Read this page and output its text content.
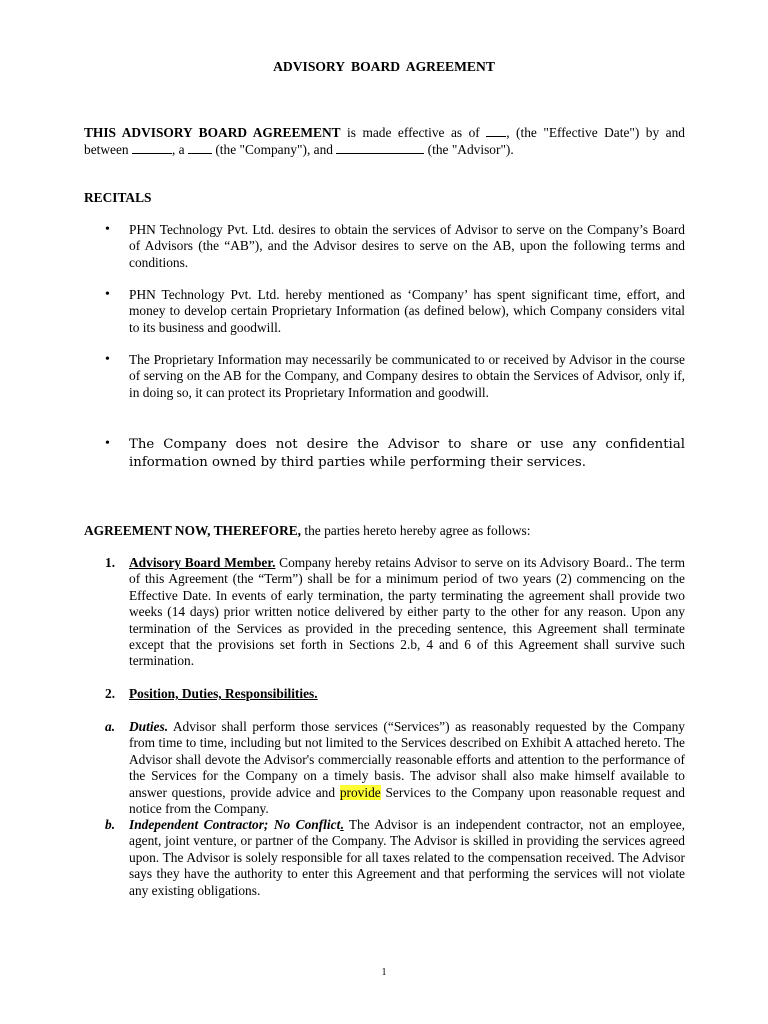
ADVISORY BOARD AGREEMENT
THIS ADVISORY BOARD AGREEMENT is made effective as of , (the "Effective Date") by and between	, a  (the "Company"), and	(the "Advisor").
RECITALS
• PHN Technology Pvt. Ltd. desires to obtain the services of Advisor to serve on the Company’s Board of Advisors (the “AB”), and the Advisor desires to serve on the AB, upon the following terms and conditions.
• PHN Technology Pvt. Ltd. hereby mentioned as ‘Company’ has spent significant time, effort, and money to develop certain Proprietary Information (as defined below), which Company considers vital to its business and goodwill.
• The Proprietary Information may necessarily be communicated to or received by Advisor in the course of serving on the AB for the Company, and Company desires to obtain the Services of Advisor, only if, in doing so, it can protect its Proprietary Information and goodwill.
• The Company does not desire the Advisor to share or use any confidential information owned by third parties while performing their services.
AGREEMENT NOW, THEREFORE, the parties hereto hereby agree as follows:
1. Advisory Board Member. Company hereby retains Advisor to serve on its Advisory Board.. The term of this Agreement (the “Term”) shall be for a minimum period of two years (2) commencing on the Effective Date. In events of early termination, the party terminating the agreement shall provide two weeks (14 days) prior written notice delivered by either party to the other for any reason. Upon any termination of the Services as provided in the preceding sentence, this Agreement shall terminate except that the provisions set forth in Sections 2.b, 4 and 6 of this Agreement shall survive such termination.
2. Position, Duties, Responsibilities.
a. Duties. Advisor shall perform those services (“Services”) as reasonably requested by the Company from time to time, including but not limited to the Services described on Exhibit A attached hereto. The Advisor shall devote the Advisor's commercially reasonable efforts and attention to the performance of the Services for the Company on a timely basis. The advisor shall also make himself available to answer questions, provide advice and provide Services to the Company upon reasonable request and notice from the Company.
b. Independent Contractor; No Conflict. The Advisor is an independent contractor, not an employee, agent, joint venture, or partner of the Company. The Advisor is skilled in providing the services agreed upon. The Advisor is solely responsible for all taxes related to the compensation received. The Advisor says they have the authority to enter this Agreement and that performing the services will not violate any existing obligations.
1
